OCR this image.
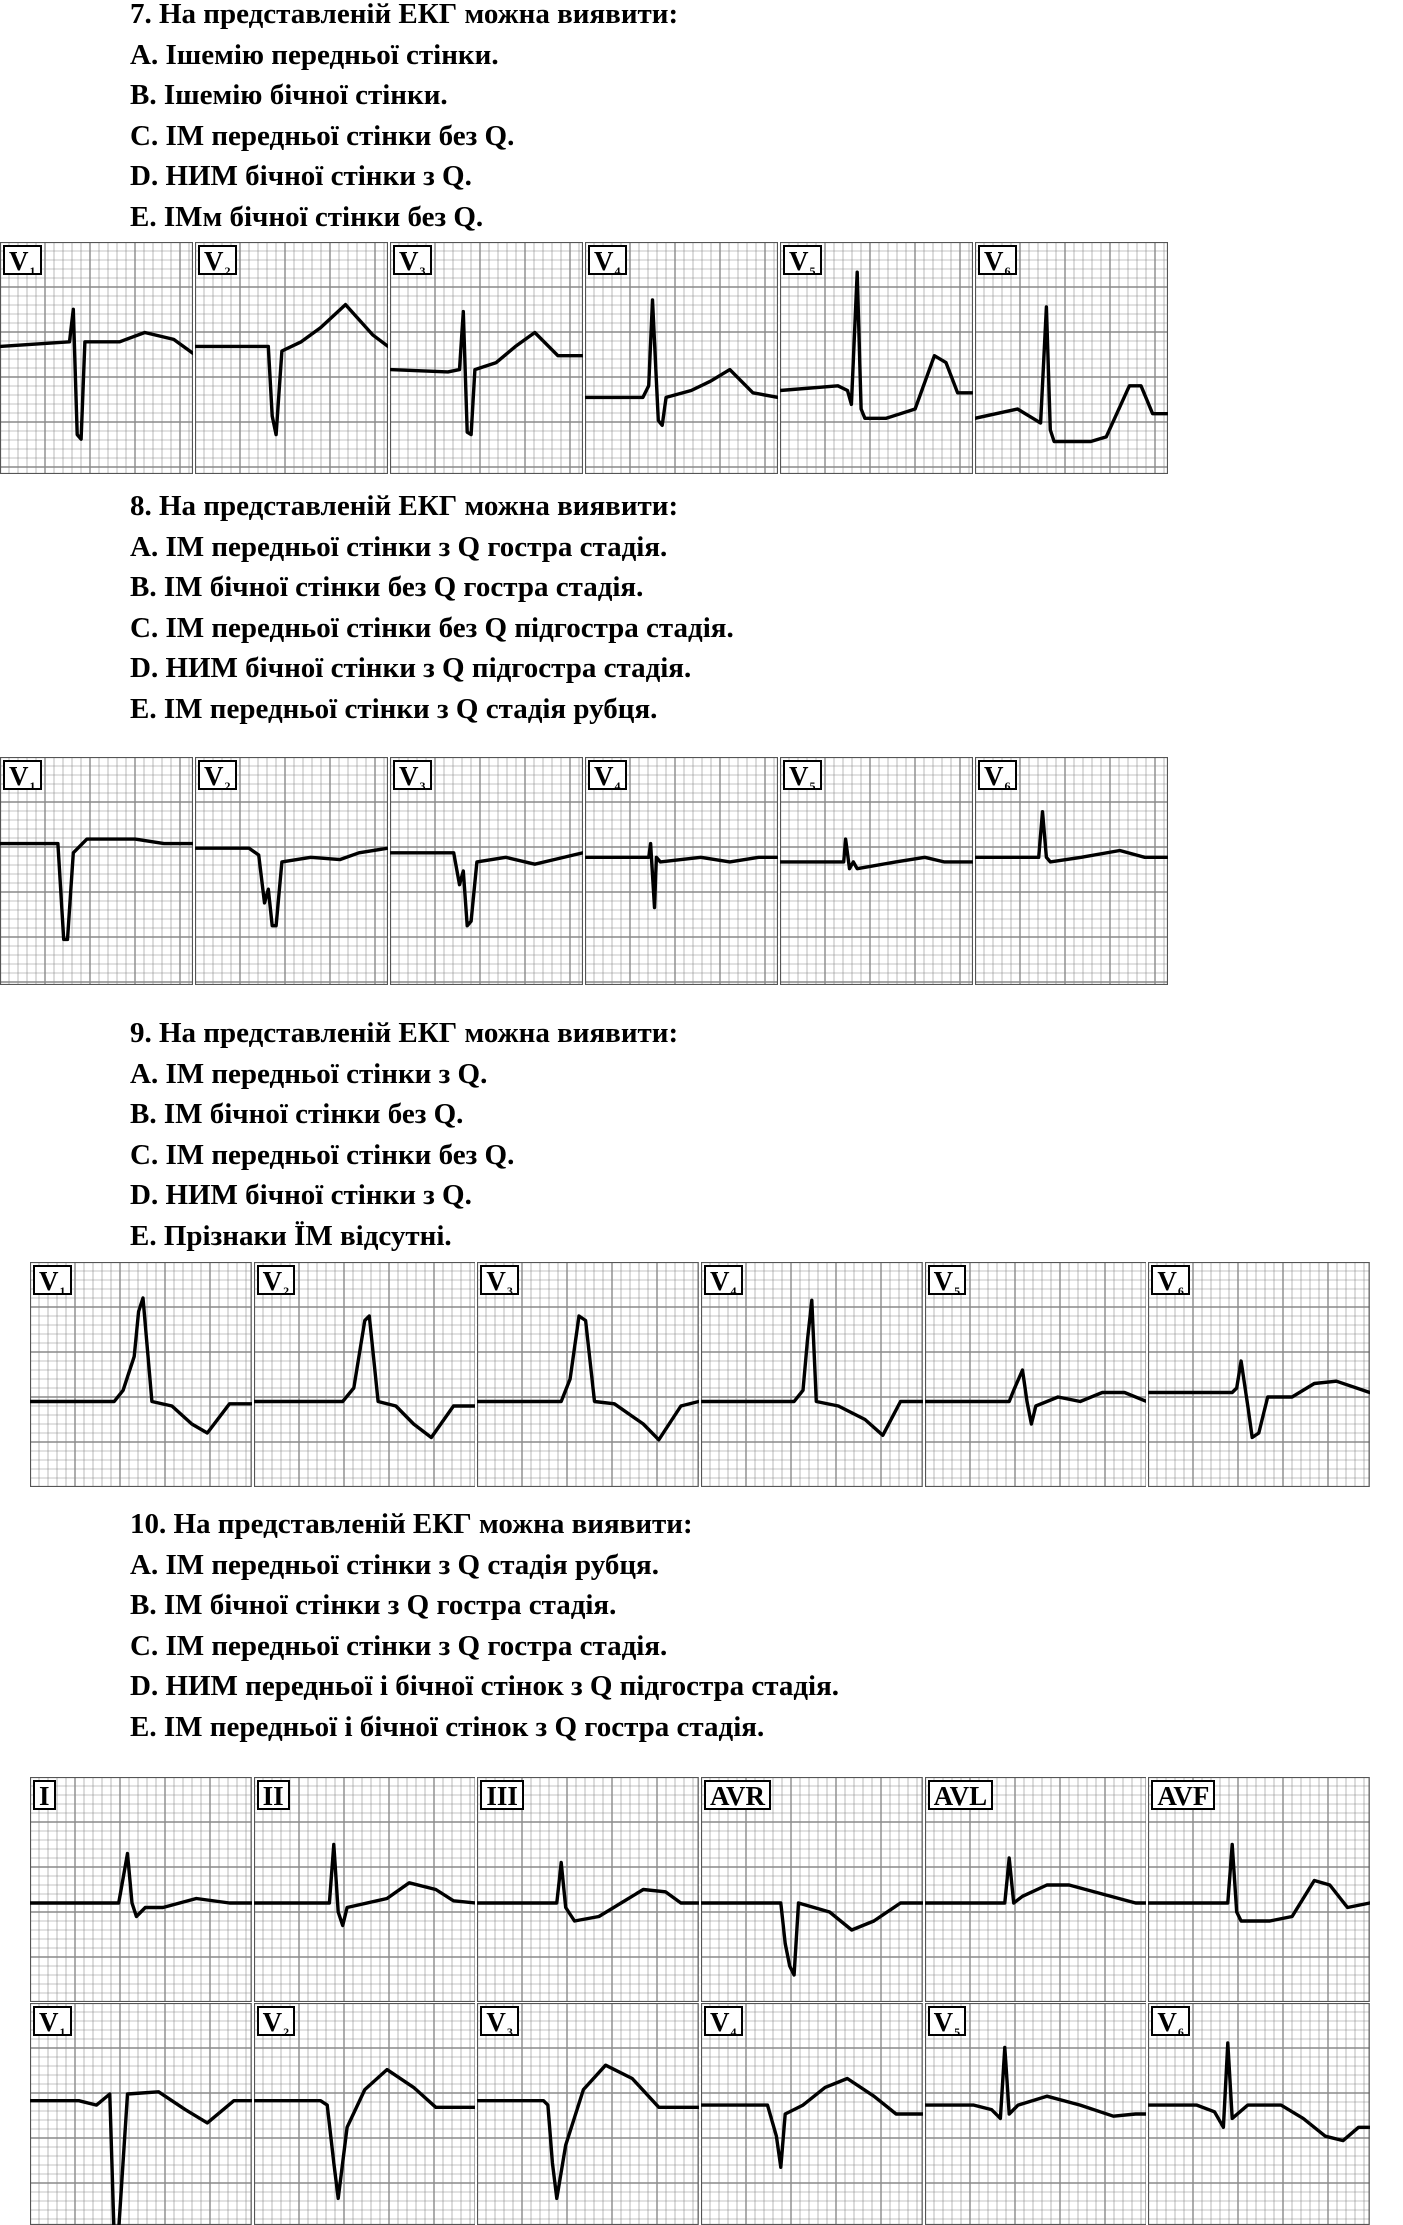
7. На представленій ЕКГ можна виявити:
A. Ішемію передньої стінки.
B. Ішемію бічної стінки.
C. ІМ передньої стінки без Q.
D. НИМ бічної стінки з Q.
E. ІМм бічної стінки без Q.
$V_1$	$V_2$	$V_3$	$V_4$	$V_5$	$V_6$
8. На представленій ЕКГ можна виявити:
A. ІМ передньої стінки з Q гостра стадія.
B. ІМ бічної стінки без Q гостра стадія.
C. ІМ передньої стінки без Q підгостра стадія.
D. НИМ бічної стінки з Q підгостра стадія.
E. ІМ передньої стінки з Q стадія рубця.
$V_1$	$V_2$	$V_3$	$V_4$	$V_5$	$V_6$
9. На представленій ЕКГ можна виявити:
A. ІМ передньої стінки з Q.
B. ІМ бічної стінки без Q.
C. ІМ передньої стінки без Q.
D. НИМ бічної стінки з Q.
E. Прізнаки ЇМ відсутні.
$V_1$	$V_2$	$V_3$	$V_4$	$V_5$	$V_6$
10. На представленій ЕКГ можна виявити:
A. ІМ передньої стінки з Q стадія рубця.
B. ІМ бічної стінки з Q гостра стадія.
C. ІМ передньої стінки з Q гостра стадія.
D. НИМ передньої і бічної стінок з Q підгостра стадія.
E. ІМ передньої і бічної стінок з Q гостра стадія.
I	II	III	AVR	AVL	AVF
$V_1$	$V_2$	$V_3$	$V_4$	$V_5$	$V_6$
